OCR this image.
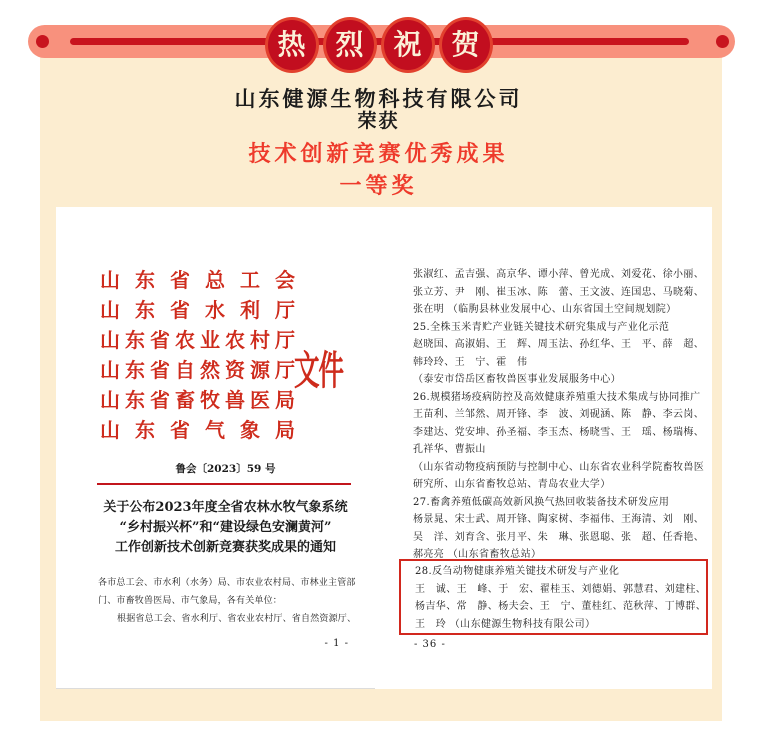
热	烈	祝	贺
山东健源生物科技有限公司
荣获
技术创新竞赛优秀成果
一等奖
山东省总工会
山东省水利厅
山东省农业农村厅
山东省自然资源厅
山东省畜牧兽医局
山东省气象局
文件
鲁会〔2023〕59 号
关于公布2023年度全省农林水牧气象系统
“乡村振兴杯”和“建设绿色安澜黄河”
工作创新技术创新竞赛获奖成果的通知
各市总工会、市水利（水务）局、市农业农村局、市林业主管部
门、市畜牧兽医局、市气象局，各有关单位：
根据省总工会、省水利厅、省农业农村厅、省自然资源厅、
- 1 -
张淑红、孟吉强、高京华、谭小萍、曾光成、刘爱花、徐小丽、
张立芳、尹　刚、崔玉冰、陈　蕾、王文波、连国忠、马晓菊、
张在明 （临朐县林业发展中心、山东省国土空间规划院）
25.全株玉米青贮产业链关键技术研究集成与产业化示范
赵晓国、高淑娟、王　辉、周玉法、孙红华、王　平、薛　超、
韩玲玲、王　宁、霍　伟
（泰安市岱岳区畜牧兽医事业发展服务中心）
26.规模猪场疫病防控及高效健康养殖重大技术集成与协同推广
王苗利、兰邹然、周开锋、李　波、刘砚涵、陈　静、李云岗、
李建达、党安坤、孙圣福、李玉杰、杨晓雪、王　瑶、杨瑞梅、
孔祥华、曹振山
（山东省动物疫病预防与控制中心、山东省农业科学院畜牧兽医
研究所、山东省畜牧总站、青岛农业大学）
27.畜禽养殖低碳高效新风换气热回收装备技术研发应用
杨景晁、宋士武、周开锋、陶家树、李福伟、王海清、刘　刚、
吴　洋、刘育含、张月平、朱　琳、张恩聪、张　超、任香艳、
郝亮亮 （山东省畜牧总站）
28.反刍动物健康养殖关键技术研发与产业化
王　诚、王　峰、于　宏、翟桂玉、刘德娟、郭慧君、刘建柱、
杨吉华、常　静、杨夫会、王　宁、董桂红、范秋萍、丁博群、
王　玲 （山东健源生物科技有限公司）
- 36 -
